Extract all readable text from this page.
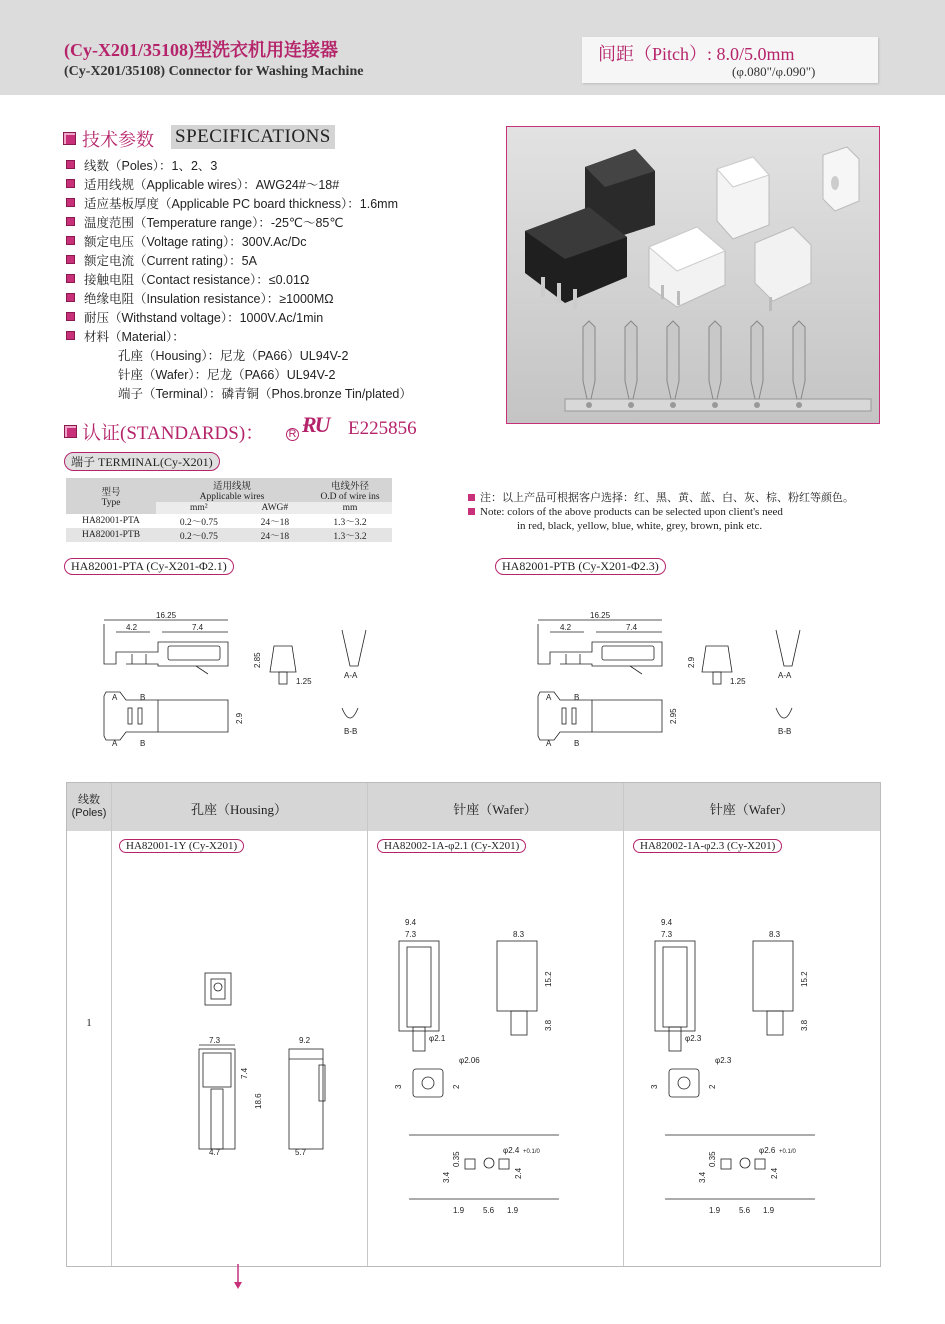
(Cy-X201/35108)型洗衣机用连接器
(Cy-X201/35108) Connector for Washing Machine
间距（Pitch）: 8.0/5.0mm
(φ.080"/φ.090")
技术参数 SPECIFICATIONS
线数（Poles）：1、2、3
适用线规（Applicable wires）：AWG24#～18#
适应基板厚度（Applicable PC board thickness）：1.6mm
温度范围（Temperature range）：-25℃～85℃
额定电压（Voltage rating）：300V.Ac/Dc
额定电流（Current rating）：5A
接触电阻（Contact resistance）：≤0.01Ω
绝缘电阻（Insulation resistance）：≥1000MΩ
耐压（Withstand voltage）：1000V.Ac/1min
材料（Material）：
孔座（Housing）：尼龙（PA66）UL94V-2
针座（Wafer）：尼龙（PA66）UL94V-2
端子（Terminal）：磷青铜（Phos.bronze Tin/plated）
认证(STANDARDS)： R ɌU E225856
端子 TERMINAL(Cy-X201)
型号
Type	适用线规
Applicable wires		电线外径
O.D of wire ins
	mm²	AWG#	mm
HA82001-PTA	0.2～0.75	24～18	1.3～3.2
HA82001-PTB	0.2～0.75	24～18	1.3～3.2
注：以上产品可根据客户选择：红、黑、黄、蓝、白、灰、棕、粉红等颜色。
Note: colors of the above products can be selected upon client's need
in red, black, yellow, blue, white, grey, brown, pink etc.
HA82001-PTA (Cy-X201-Φ2.1)	HA82001-PTB (Cy-X201-Φ2.3)
16.25
4.2	7.4
2.85
1.25
A-A
A	B
A	B
2.9
B-B
16.25
4.2	7.4
2.9
1.25
A-A
A	B
A	B
2.95
B-B
线数
(Poles)	孔座（Housing）	针座（Wafer）	针座（Wafer）
1
HA82001-1Y (Cy-X201)	HA82002-1A-φ2.1 (Cy-X201)	HA82002-1A-φ2.3 (Cy-X201)
7.3
7.4
18.6
4.7
9.2
5.7
9.4
7.3
φ2.1
8.3
15.2
3.8
φ2.06
3	2
φ2.4 +0.1/0
0.35
3.4	2.4
1.9 5.6 1.9
9.4
7.3
φ2.3
8.3
15.2
3.8
φ2.3
3	2
φ2.6 +0.1/0
0.35
3.4	2.4
1.9 5.6 1.9
